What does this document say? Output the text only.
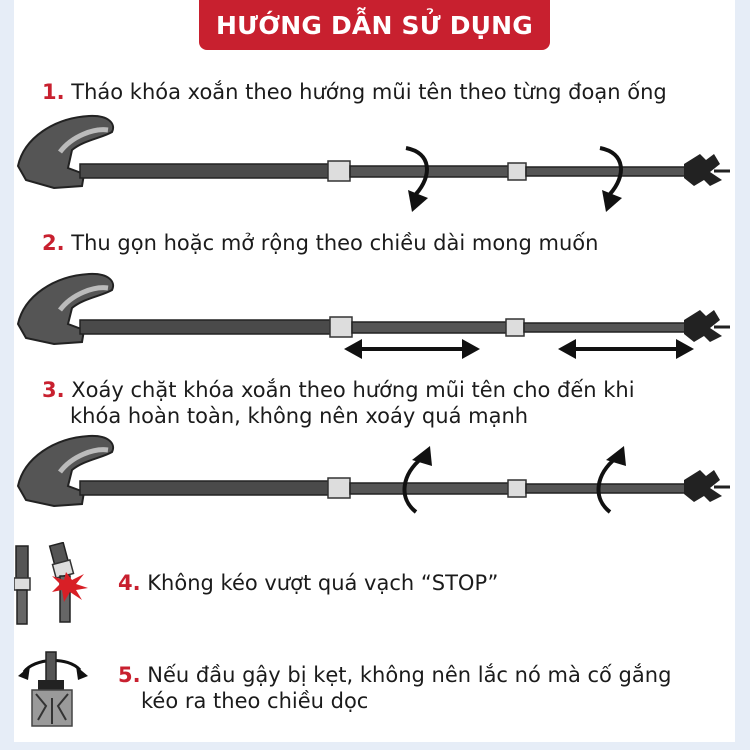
HƯỚNG DẪN SỬ DỤNG
1. Tháo khóa xoắn theo hướng mũi tên theo từng đoạn ống
2. Thu gọn hoặc mở rộng theo chiều dài mong muốn
3. Xoáy chặt khóa xoắn theo hướng mũi tên cho đến khi
khóa hoàn toàn, không nên xoáy quá mạnh
4. Không kéo vượt quá vạch “STOP”
5. Nếu đầu gậy bị kẹt, không nên lắc nó mà cố gắng
kéo ra theo chiều dọc
